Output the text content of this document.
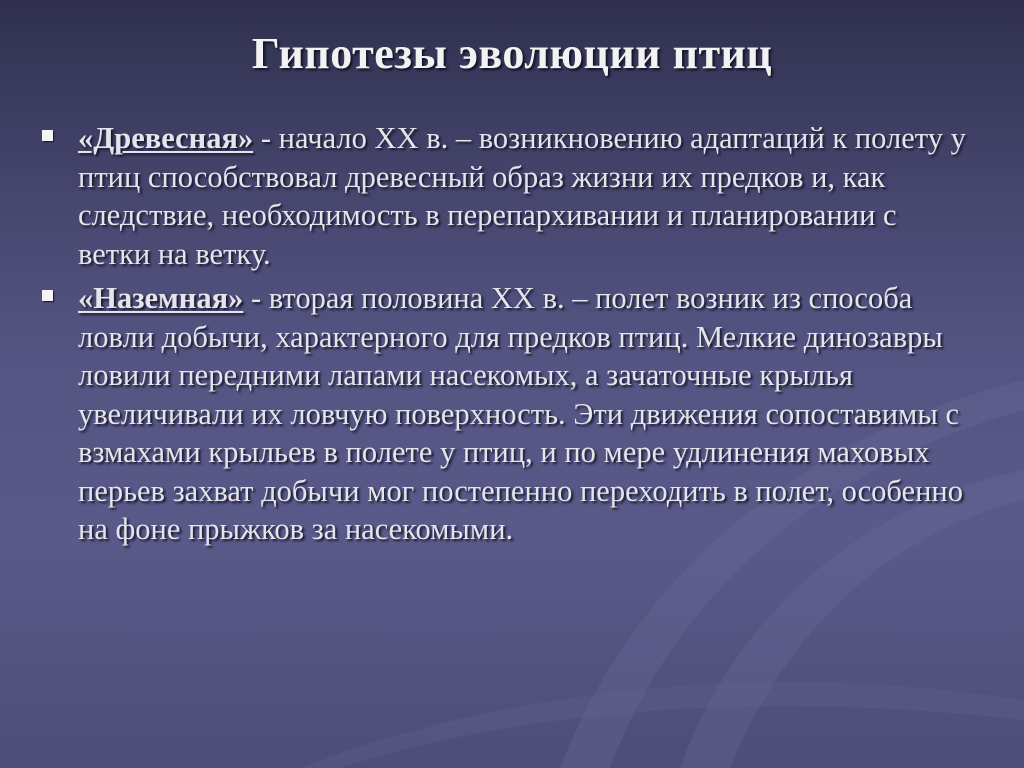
Гипотезы эволюции птиц
«Древесная» - начало XX в. – возникновению адаптаций к полету у птиц способствовал древесный образ жизни их предков и, как следствие, необходимость в перепархивании и планировании с ветки на ветку.
«Наземная» - вторая половина XX в. – полет возник из способа ловли добычи, характерного для предков птиц. Мелкие динозавры ловили передними лапами насекомых, а зачаточные крылья увеличивали их ловчую поверхность. Эти движения сопоставимы с взмахами крыльев в полете у птиц, и по мере удлинения маховых перьев захват добычи мог постепенно переходить в полет, особенно на фоне прыжков за насекомыми.
